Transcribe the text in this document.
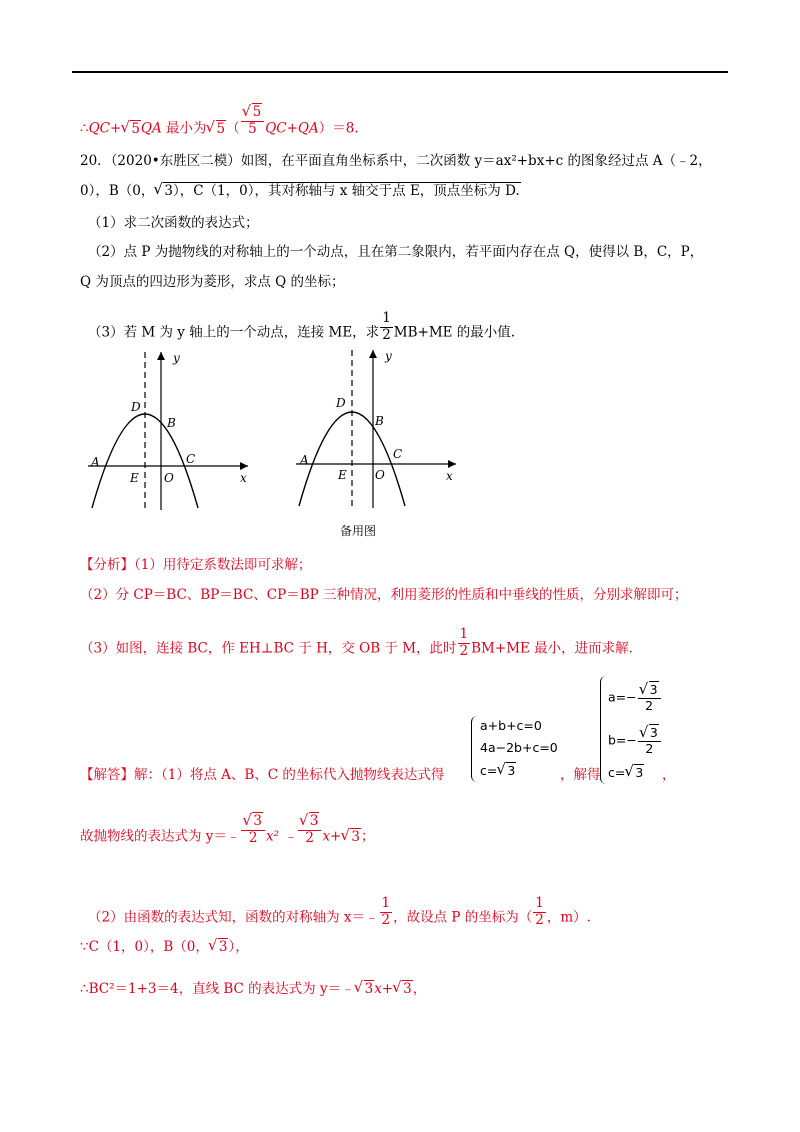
∴QC+√ 5QA 最小为√ 5（
√ $\frac{5}{5} QC+QA)=8$.
20．（2020•东胜区二模）如图，在平面直角坐标系中，二次函数 y＝ax²+bx+c 的图象经过点 A（﹣2，
0），B（0，√ 3），C（1，0），其对称轴与 x 轴交于点 E，顶点坐标为 D.
（1）求二次函数的表达式；
（2）点 P 为抛物线的对称轴上的一个动点，且在第二象限内，若平面内存在点 Q，使得以 B，C，P，
Q 为顶点的四边形为菱形，求点 Q 的坐标；
（3）若 M 为 y 轴上的一个动点，连接 ME，求 $\frac{1}{2} MB+ME$ 的最小值.
y
x
D
B
A	C
E O
y
x
D
B
A	C
E O
备用图
【分析】（1）用待定系数法即可求解；
（2）分 CP＝BC、BP＝BC、CP＝BP 三种情况，利用菱形的性质和中垂线的性质，分别求解即可；
（3）如图，连接 BC，作 EH⊥BC 于 H，交 OB 于 M，此时 $\frac{1}{2} BM+ME$ 最小，进而求解.
【解答】解：（1）将点 A、B、C 的坐标代入抛物线表达式得
a+b+c=0
4a−2b+c=0
c=√ 3	，解得
a=−
√ $\frac{3}{2}$
b=−
√ $\frac{3}{2}$
c=√ 3 ，
故抛物线的表达式为 y＝﹣
√ $\frac{3}{2} x^2$ ﹣
√ $\frac{3}{2} x+√$ 3；
（2）由函数的表达式知，函数的对称轴为 x＝﹣ $\frac{1}{2}$ ，故设点 P 的坐标为（ $\frac{1}{2}$ ，m）.
∵C（1，0），B（0，√ 3），
∴BC²＝1+3＝4，直线 BC 的表达式为 y＝﹣√ 3x+√ 3，
